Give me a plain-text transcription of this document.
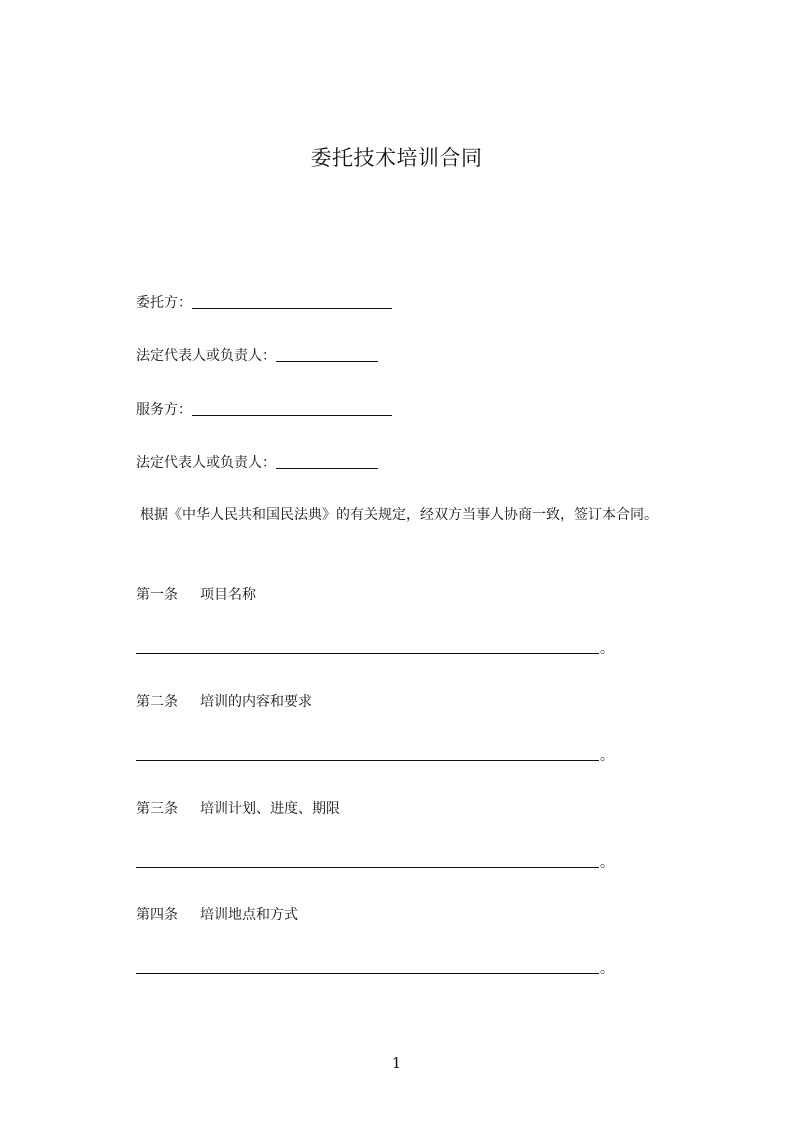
委托技术培训合同
委托方：
法定代表人或负责人：
服务方：
法定代表人或负责人：
根据《中华人民共和国民法典》的有关规定，经双方当事人协商一致，签订本合同。
第一条 项目名称
。
第二条 培训的内容和要求
。
第三条 培训计划、进度、期限
。
第四条 培训地点和方式
。
1
